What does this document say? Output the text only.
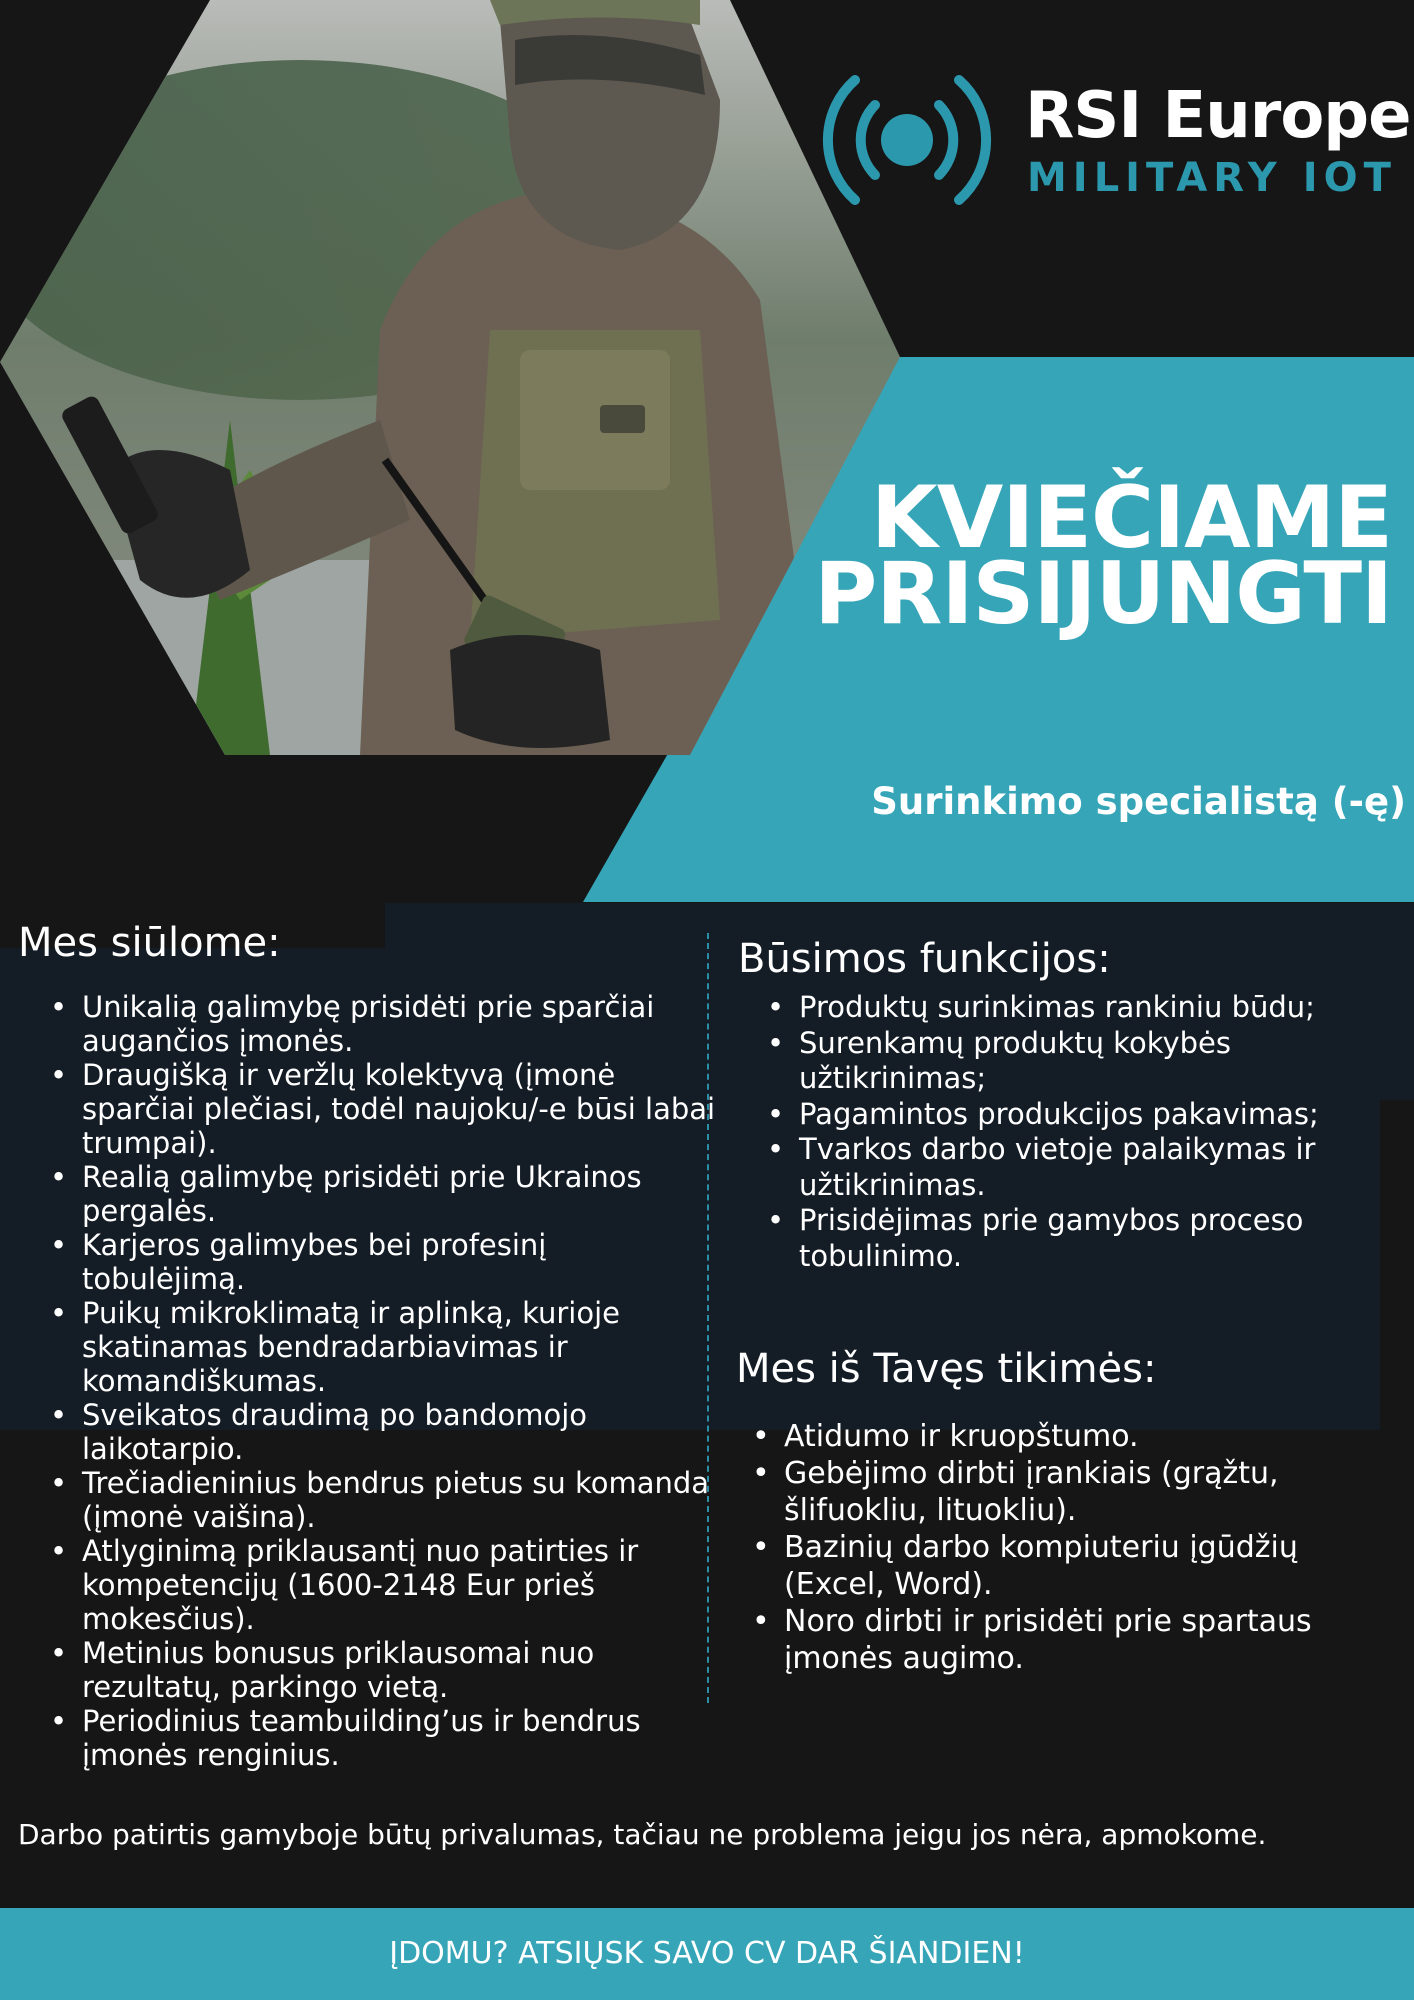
RSI Europe
MILITARY IOT
KVIEČIAME
PRISIJUNGTI
Surinkimo specialistą (-ę)
Mes siūlome:
• Unikalią galimybę prisidėti prie sparčiai augančios įmonės.
• Draugišką ir veržlų kolektyvą (įmonė sparčiai plečiasi, todėl naujoku/-e būsi labai trumpai).
• Realią galimybę prisidėti prie Ukrainos pergalės.
• Karjeros galimybes bei profesinį tobulėjimą.
• Puikų mikroklimatą ir aplinką, kurioje skatinamas bendradarbiavimas ir komandiškumas.
• Sveikatos draudimą po bandomojo laikotarpio.
• Trečiadieninius bendrus pietus su komanda (įmonė vaišina).
• Atlyginimą priklausantį nuo patirties ir kompetencijų (1600-2148 Eur prieš mokesčius).
• Metinius bonusus priklausomai nuo rezultatų, parkingo vietą.
• Periodinius teambuilding’us ir bendrus įmonės renginius.
Būsimos funkcijos:
• Produktų surinkimas rankiniu būdu;
• Surenkamų produktų kokybės užtikrinimas;
• Pagamintos produkcijos pakavimas;
• Tvarkos darbo vietoje palaikymas ir užtikrinimas.
• Prisidėjimas prie gamybos proceso tobulinimo.
Mes iš Tavęs tikimės:
• Atidumo ir kruopštumo.
• Gebėjimo dirbti įrankiais (grąžtu, šlifuokliu, lituokliu).
• Bazinių darbo kompiuteriu įgūdžių (Excel, Word).
• Noro dirbti ir prisidėti prie spartaus įmonės augimo.
Darbo patirtis gamyboje būtų privalumas, tačiau ne problema jeigu jos nėra, apmokome.
ĮDOMU? ATSIŲSK SAVO CV DAR ŠIANDIEN!
